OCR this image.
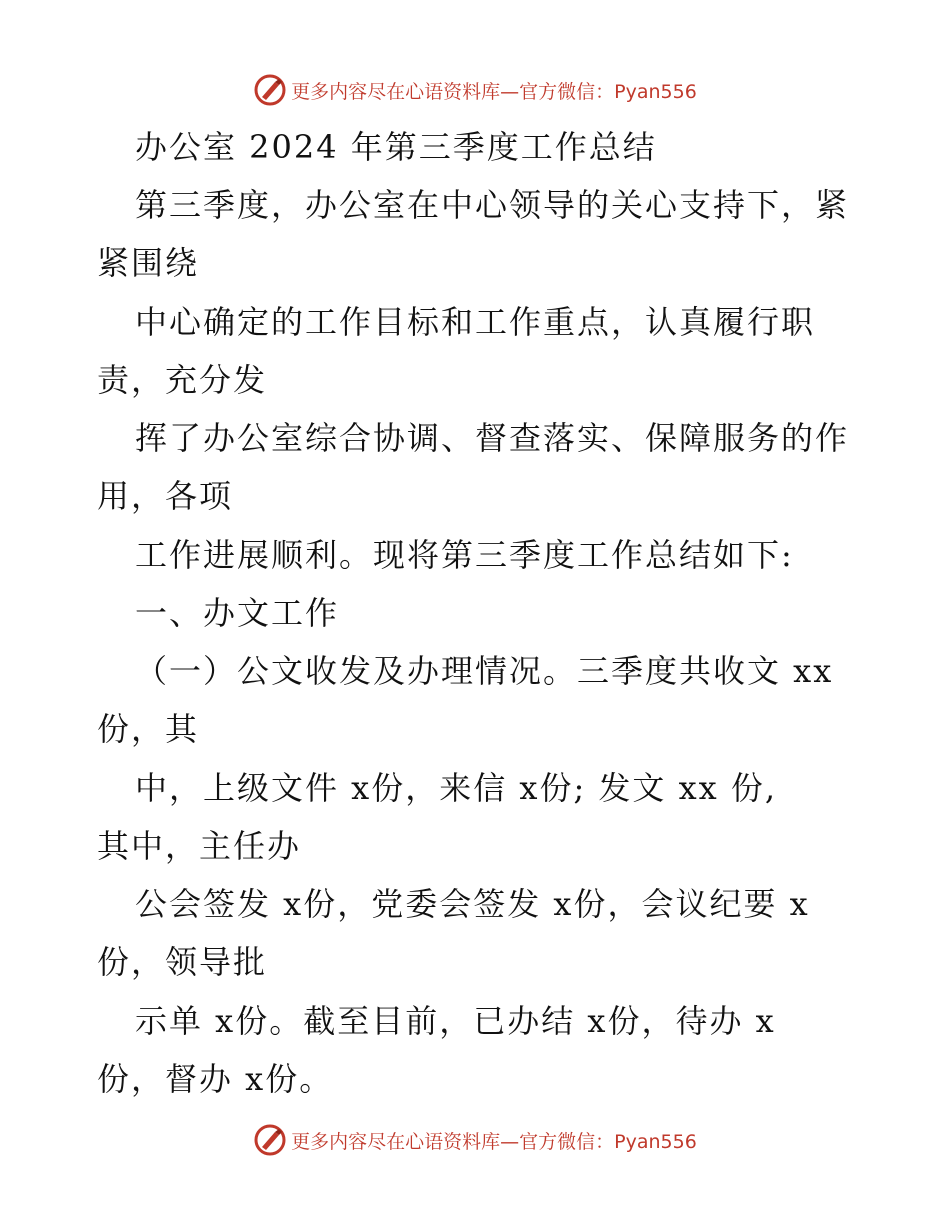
更多内容尽在心语资料库—官方微信：Pyan556
办公室 2024 年第三季度工作总结
第三季度，办公室在中心领导的关心支持下，紧
紧围绕
中心确定的工作目标和工作重点，认真履行职
责，充分发
挥了办公室综合协调、督查落实、保障服务的作
用，各项
工作进展顺利。现将第三季度工作总结如下:
一、办文工作
（一）公文收发及办理情况。三季度共收文 xx
份，其
中，上级文件 x份，来信 x份; 发文 xx 份,
其中，主任办
公会签发 x份，党委会签发 x份，会议纪要 x
份，领导批
示单 x份。截至目前，已办结 x份，待办 x
份，督办 x份。
更多内容尽在心语资料库—官方微信：Pyan556
